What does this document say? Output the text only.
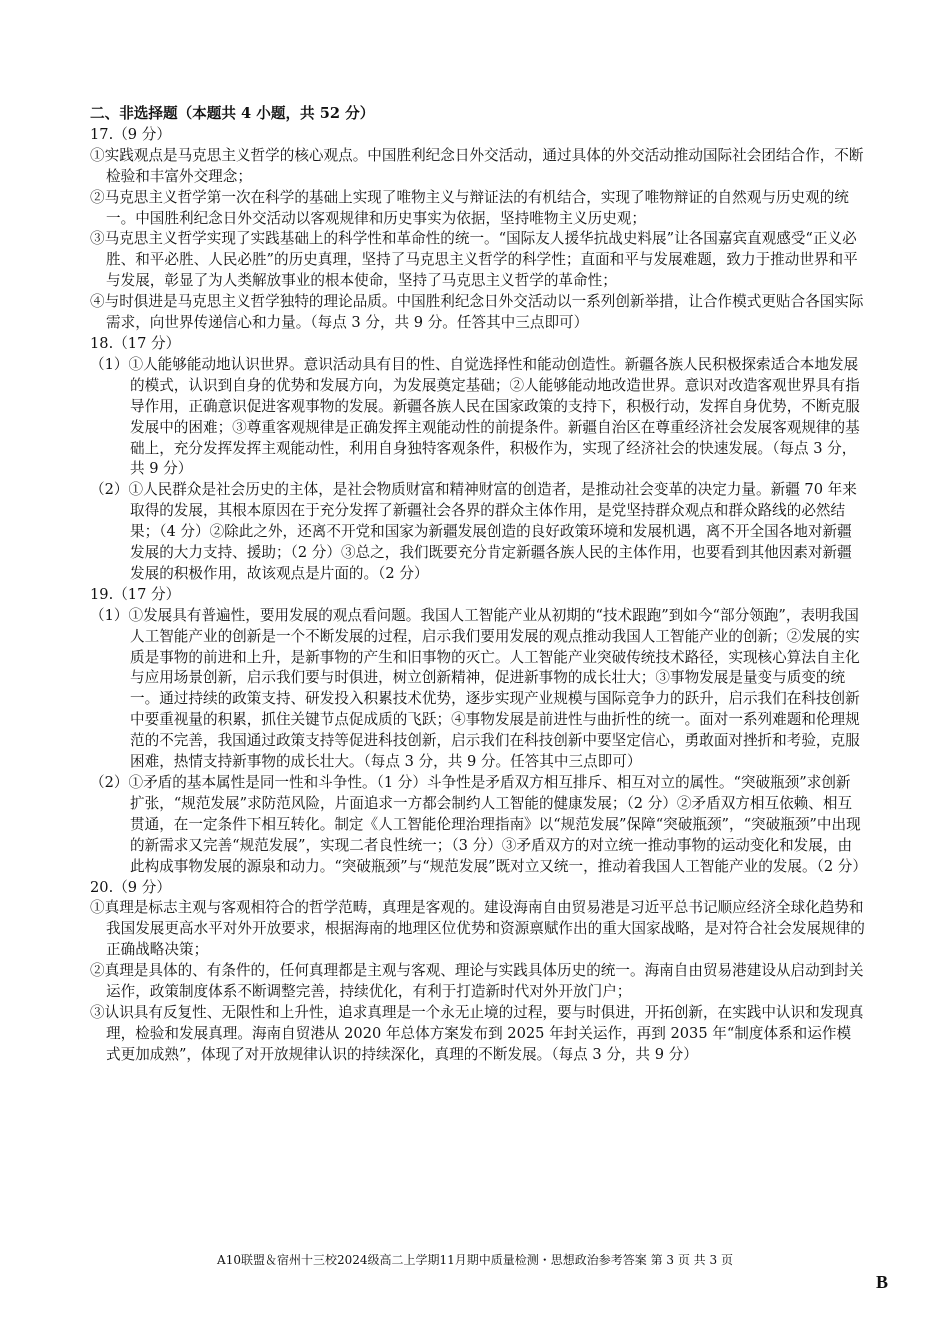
二、非选择题（本题共 4 小题，共 52 分）
17.（9 分）
①实践观点是马克思主义哲学的核心观点。中国胜利纪念日外交活动，通过具体的外交活动推动国际社会团结合作，不断检验和丰富外交理念；
②马克思主义哲学第一次在科学的基础上实现了唯物主义与辩证法的有机结合，实现了唯物辩证的自然观与历史观的统一。中国胜利纪念日外交活动以客观规律和历史事实为依据，坚持唯物主义历史观；
③马克思主义哲学实现了实践基础上的科学性和革命性的统一。“国际友人援华抗战史料展”让各国嘉宾直观感受“正义必胜、和平必胜、人民必胜”的历史真理，坚持了马克思主义哲学的科学性；直面和平与发展难题，致力于推动世界和平与发展，彰显了为人类解放事业的根本使命，坚持了马克思主义哲学的革命性；
④与时俱进是马克思主义哲学独特的理论品质。中国胜利纪念日外交活动以一系列创新举措，让合作模式更贴合各国实际需求，向世界传递信心和力量。（每点 3 分，共 9 分。任答其中三点即可）
18.（17 分）
（1）①人能够能动地认识世界。意识活动具有目的性、自觉选择性和能动创造性。新疆各族人民积极探索适合本地发展的模式，认识到自身的优势和发展方向，为发展奠定基础；②人能够能动地改造世界。意识对改造客观世界具有指导作用，正确意识促进客观事物的发展。新疆各族人民在国家政策的支持下，积极行动，发挥自身优势，不断克服发展中的困难；③尊重客观规律是正确发挥主观能动性的前提条件。新疆自治区在尊重经济社会发展客观规律的基础上，充分发挥发挥主观能动性，利用自身独特客观条件，积极作为，实现了经济社会的快速发展。（每点 3 分，共 9 分）
（2）①人民群众是社会历史的主体，是社会物质财富和精神财富的创造者，是推动社会变革的决定力量。新疆 70 年来取得的发展，其根本原因在于充分发挥了新疆社会各界的群众主体作用，是党坚持群众观点和群众路线的必然结果；（4 分）②除此之外，还离不开党和国家为新疆发展创造的良好政策环境和发展机遇，离不开全国各地对新疆发展的大力支持、援助；（2 分）③总之，我们既要充分肯定新疆各族人民的主体作用，也要看到其他因素对新疆发展的积极作用，故该观点是片面的。（2 分）
19.（17 分）
（1）①发展具有普遍性，要用发展的观点看问题。我国人工智能产业从初期的“技术跟跑”到如今“部分领跑”，表明我国人工智能产业的创新是一个不断发展的过程，启示我们要用发展的观点推动我国人工智能产业的创新；②发展的实质是事物的前进和上升，是新事物的产生和旧事物的灭亡。人工智能产业突破传统技术路径，实现核心算法自主化与应用场景创新，启示我们要与时俱进，树立创新精神，促进新事物的成长壮大；③事物发展是量变与质变的统一。通过持续的政策支持、研发投入积累技术优势，逐步实现产业规模与国际竞争力的跃升，启示我们在科技创新中要重视量的积累，抓住关键节点促成质的飞跃；④事物发展是前进性与曲折性的统一。面对一系列难题和伦理规范的不完善，我国通过政策支持等促进科技创新，启示我们在科技创新中要坚定信心，勇敢面对挫折和考验，克服困难，热情支持新事物的成长壮大。（每点 3 分，共 9 分。任答其中三点即可）
（2）①矛盾的基本属性是同一性和斗争性。（1 分）斗争性是矛盾双方相互排斥、相互对立的属性。“突破瓶颈”求创新扩张，“规范发展”求防范风险，片面追求一方都会制约人工智能的健康发展；（2 分）②矛盾双方相互依赖、相互贯通，在一定条件下相互转化。制定《人工智能伦理治理指南》以“规范发展”保障“突破瓶颈”，“突破瓶颈”中出现的新需求又完善“规范发展”，实现二者良性统一；（3 分）③矛盾双方的对立统一推动事物的运动变化和发展，由此构成事物发展的源泉和动力。“突破瓶颈”与“规范发展”既对立又统一，推动着我国人工智能产业的发展。（2 分）
20.（9 分）
①真理是标志主观与客观相符合的哲学范畴，真理是客观的。建设海南自由贸易港是习近平总书记顺应经济全球化趋势和我国发展更高水平对外开放要求，根据海南的地理区位优势和资源禀赋作出的重大国家战略，是对符合社会发展规律的正确战略决策；
②真理是具体的、有条件的，任何真理都是主观与客观、理论与实践具体历史的统一。海南自由贸易港建设从启动到封关运作，政策制度体系不断调整完善，持续优化，有利于打造新时代对外开放门户；
③认识具有反复性、无限性和上升性，追求真理是一个永无止境的过程，要与时俱进，开拓创新，在实践中认识和发现真理，检验和发展真理。海南自贸港从 2020 年总体方案发布到 2025 年封关运作，再到 2035 年“制度体系和运作模式更加成熟”，体现了对开放规律认识的持续深化，真理的不断发展。（每点 3 分，共 9 分）
A10联盟＆宿州十三校2024级高二上学期11月期中质量检测・思想政治参考答案 第 3 页 共 3 页
B
